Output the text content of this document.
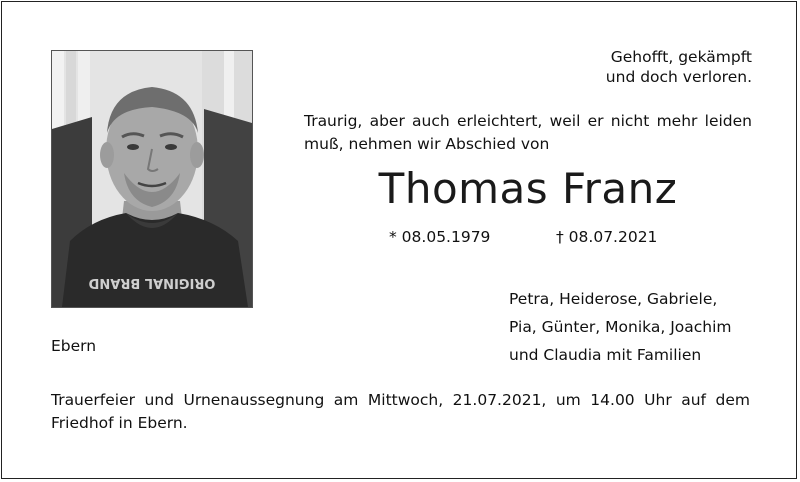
ORIGINAL BRAND
Gehofft, gekämpft
und doch verloren.
Traurig, aber auch erleichtert, weil er nicht mehr leiden muß, nehmen wir Abschied von
Thomas Franz
* 08.05.1979	† 08.07.2021
Petra, Heiderose, Gabriele,
Pia, Günter, Monika, Joachim
und Claudia mit Familien
Ebern
Trauerfeier und Urnenaussegnung am Mittwoch, 21.07.2021, um 14.00 Uhr auf dem Friedhof in Ebern.
